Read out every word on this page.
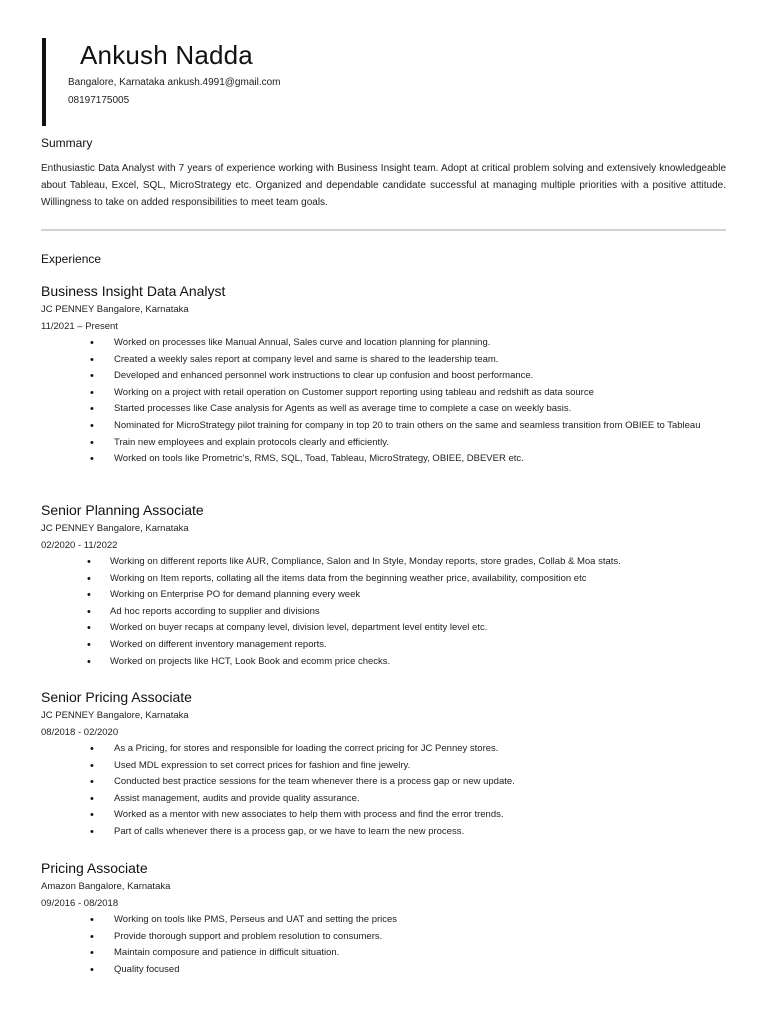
Ankush Nadda
Bangalore, Karnataka ankush.4991@gmail.com
08197175005
Summary

Enthusiastic Data Analyst with 7 years of experience working with Business Insight team. Adopt at critical problem solving and extensively knowledgeable about Tableau, Excel, SQL, MicroStrategy etc. Organized and dependable candidate successful at managing multiple priorities with a positive attitude. Willingness to take on added responsibilities to meet team goals.

Experience
Business Insight Data Analyst
JC PENNEY Bangalore, Karnataka
11/2021 – Present
• Worked on processes like Manual Annual, Sales curve and location planning for planning.
• Created a weekly sales report at company level and same is shared to the leadership team.
• Developed and enhanced personnel work instructions to clear up confusion and boost performance.
• Working on a project with retail operation on Customer support reporting using tableau and redshift as data source
• Started processes like Case analysis for Agents as well as average time to complete a case on weekly basis.
• Nominated for MicroStrategy pilot training for company in top 20 to train others on the same and seamless transition from OBIEE to Tableau
• Train new employees and explain protocols clearly and efficiently.
• Worked on tools like Prometric's, RMS, SQL, Toad, Tableau, MicroStrategy, OBIEE, DBEVER etc.
Senior Planning Associate
JC PENNEY Bangalore, Karnataka
02/2020 - 11/2022
• Working on different reports like AUR, Compliance, Salon and In Style, Monday reports, store grades, Collab & Moa stats.
• Working on Item reports, collating all the items data from the beginning weather price, availability, composition etc
• Working on Enterprise PO for demand planning every week
• Ad hoc reports according to supplier and divisions
• Worked on buyer recaps at company level, division level, department level entity level etc.
• Worked on different inventory management reports.
• Worked on projects like HCT, Look Book and ecomm price checks.
Senior Pricing Associate
JC PENNEY Bangalore, Karnataka
08/2018 - 02/2020
• As a Pricing, for stores and responsible for loading the correct pricing for JC Penney stores.
• Used MDL expression to set correct prices for fashion and fine jewelry.
• Conducted best practice sessions for the team whenever there is a process gap or new update.
• Assist management, audits and provide quality assurance.
• Worked as a mentor with new associates to help them with process and find the error trends.
• Part of calls whenever there is a process gap, or we have to learn the new process.
Pricing Associate
Amazon Bangalore, Karnataka
09/2016 - 08/2018
• Working on tools like PMS, Perseus and UAT and setting the prices
• Provide thorough support and problem resolution to consumers.
• Maintain composure and patience in difficult situation.
• Quality focused
